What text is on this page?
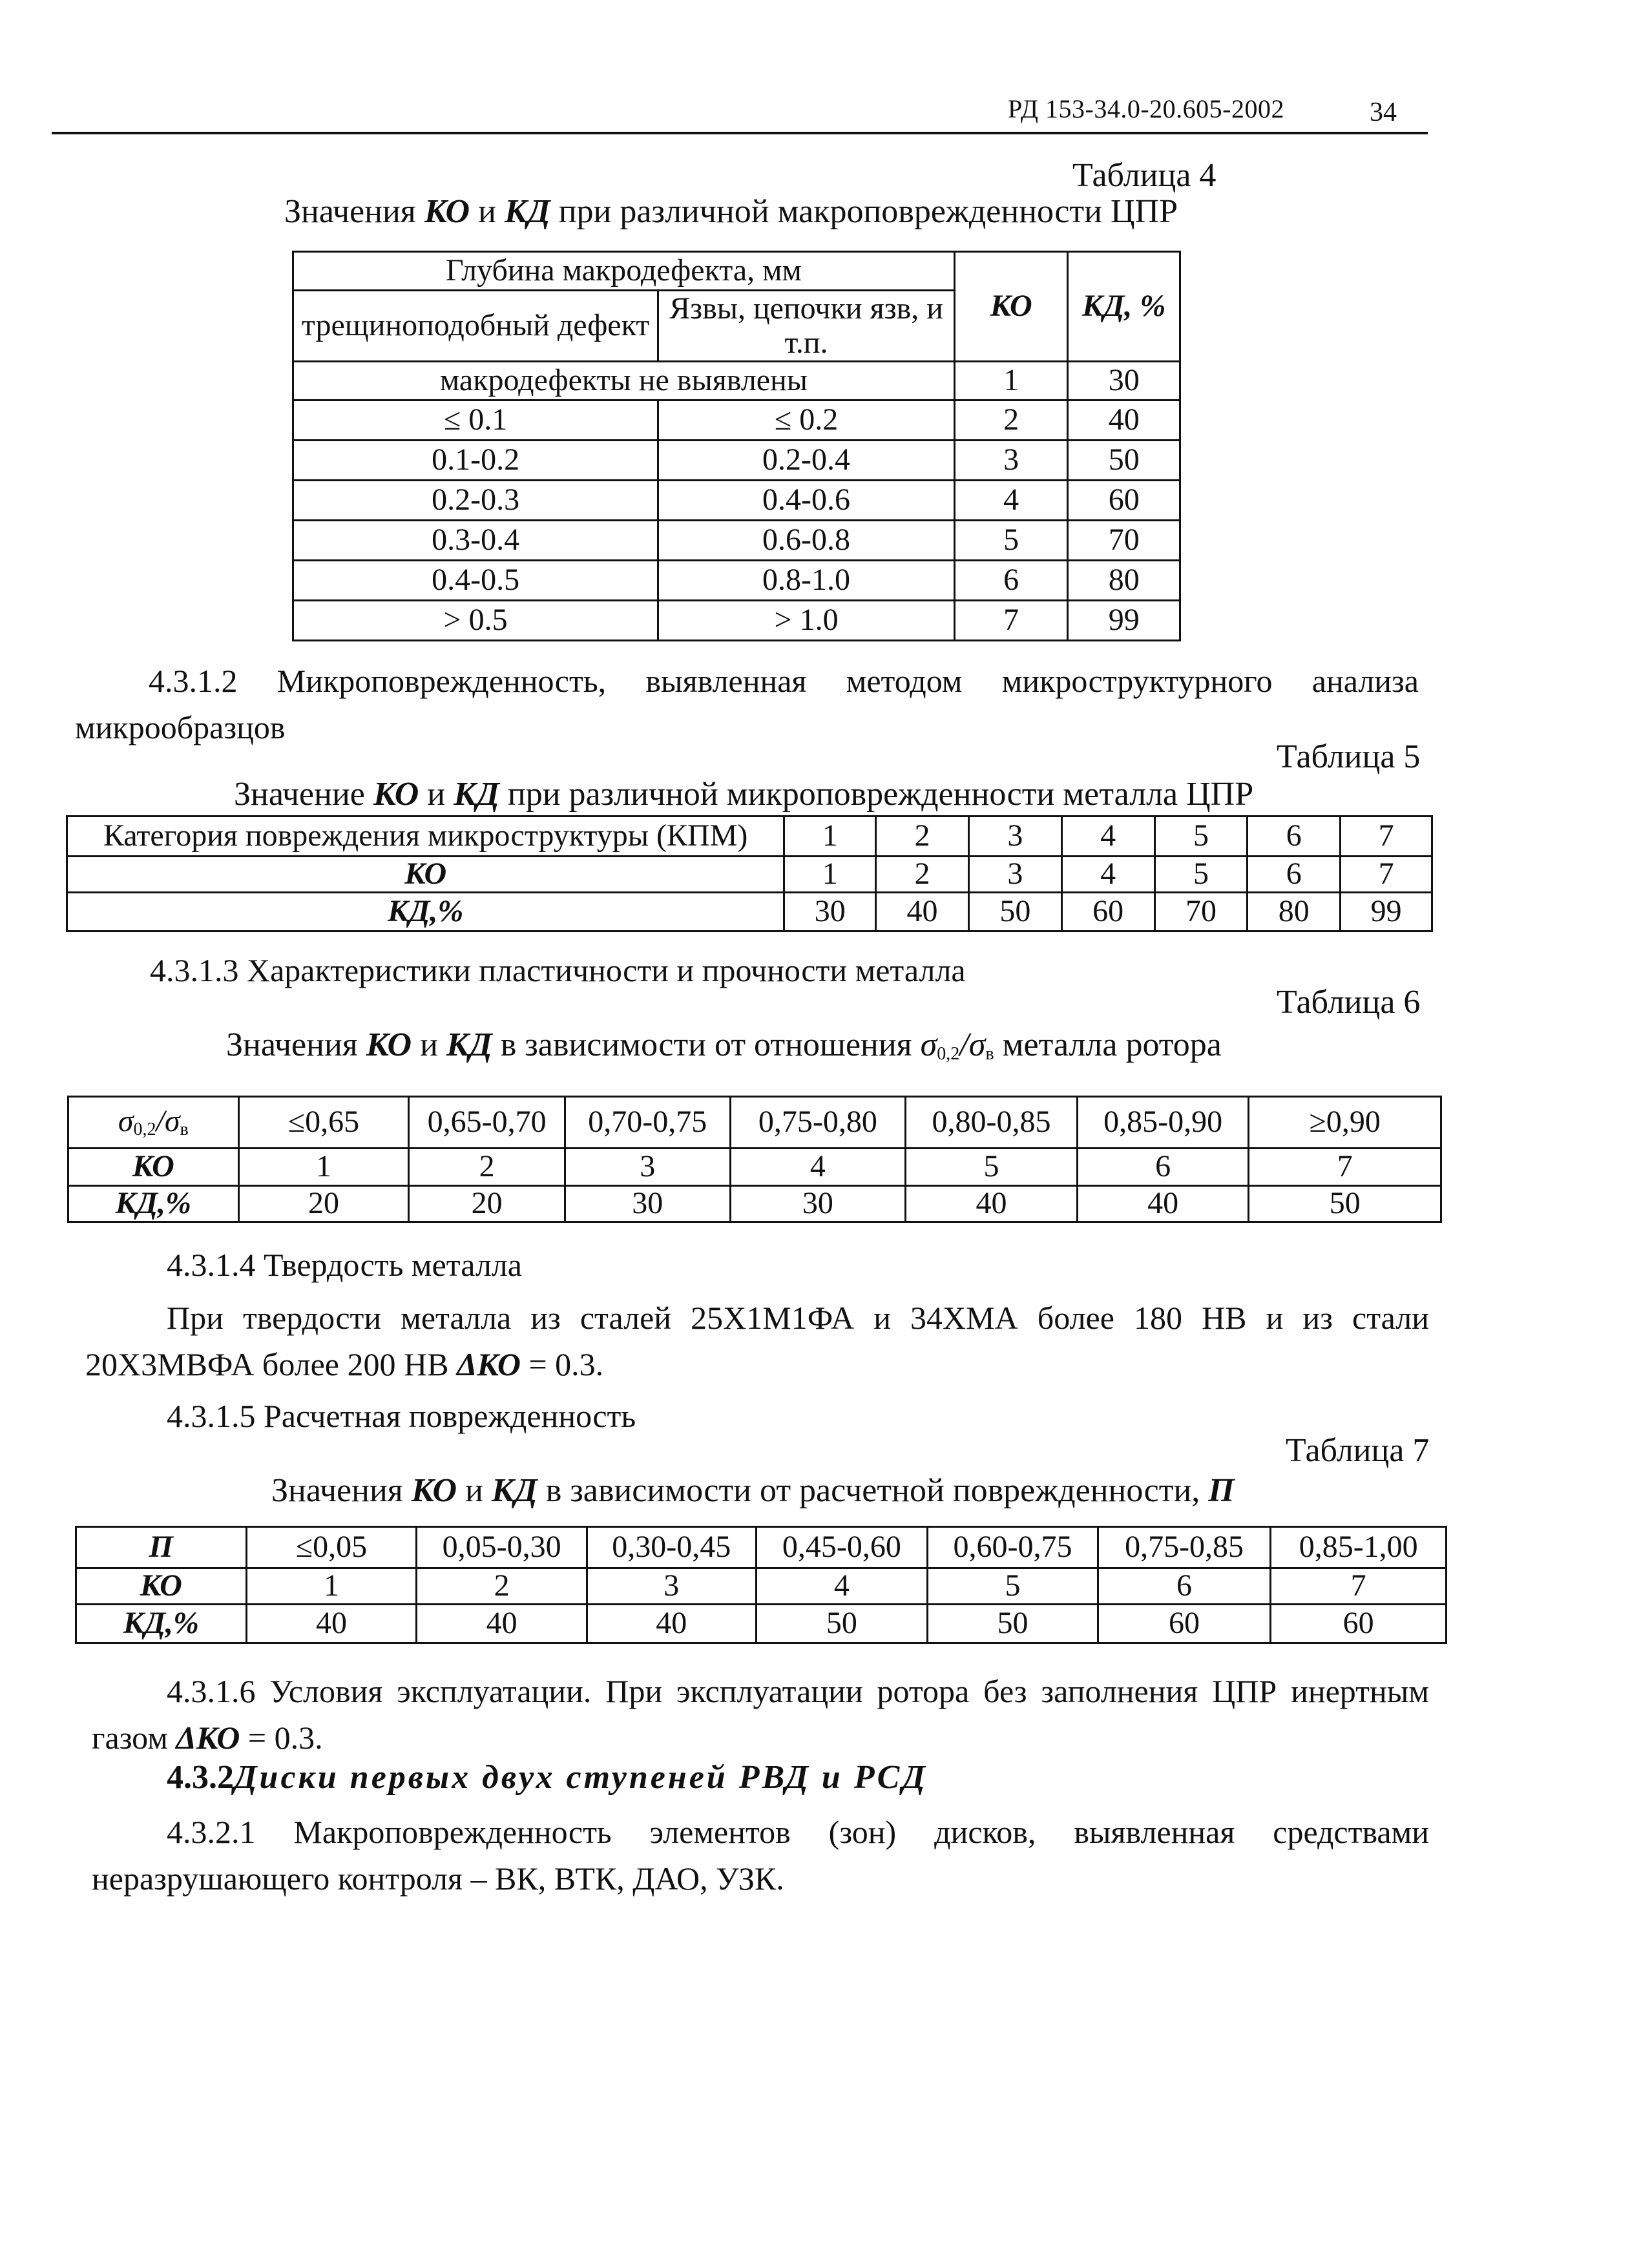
РД 153-34.0-20.605-2002	34
Таблица 4
Значения КО и КД при различной макроповрежденности ЦПР
Глубина макродефекта, мм		КО	КД, %
трещиноподобный дефект	Язвы, цепочки язв, и т.п.		
макродефекты не выявлены		1	30
≤ 0.1	≤ 0.2	2	40
0.1-0.2	0.2-0.4	3	50
0.2-0.3	0.4-0.6	4	60
0.3-0.4	0.6-0.8	5	70
0.4-0.5	0.8-1.0	6	80
> 0.5	> 1.0	7	99
4.3.1.2 Микроповрежденность, выявленная методом микроструктурного анализа микрообразцов
Таблица 5
Значение КО и КД при различной микроповрежденности металла ЦПР
Категория повреждения микроструктуры (КПМ)	1	2	3	4	5	6	7
КО	1	2	3	4	5	6	7
КД,%	30	40	50	60	70	80	99
4.3.1.3 Характеристики пластичности и прочности металла
Таблица 6
Значения КО и КД в зависимости от отношения $\sigma_{0,2}/\sigma_в$ металла ротора
$\sigma_{0,2}/\sigma_в$	≤0,65	0,65-0,70	0,70-0,75	0,75-0,80	0,80-0,85	0,85-0,90	≥0,90
КО	1	2	3	4	5	6	7
КД,%	20	20	30	30	40	40	50
4.3.1.4 Твердость металла
При твердости металла из сталей 25Х1М1ФА и 34ХМА более 180 НВ и из стали 20Х3МВФА более 200 НВ ΔКО = 0.3.
4.3.1.5 Расчетная поврежденность
Таблица 7
Значения КО и КД в зависимости от расчетной поврежденности, П
П	≤0,05	0,05-0,30	0,30-0,45	0,45-0,60	0,60-0,75	0,75-0,85	0,85-1,00
КО	1	2	3	4	5	6	7
КД,%	40	40	40	50	50	60	60
4.3.1.6 Условия эксплуатации. При эксплуатации ротора без заполнения ЦПР инертным газом ΔКО = 0.3.
4.3.2Диски первых двух ступеней РВД и РСД
4.3.2.1 Макроповрежденность элементов (зон) дисков, выявленная средствами неразрушающего контроля – ВК, ВТК, ДАО, УЗК.
